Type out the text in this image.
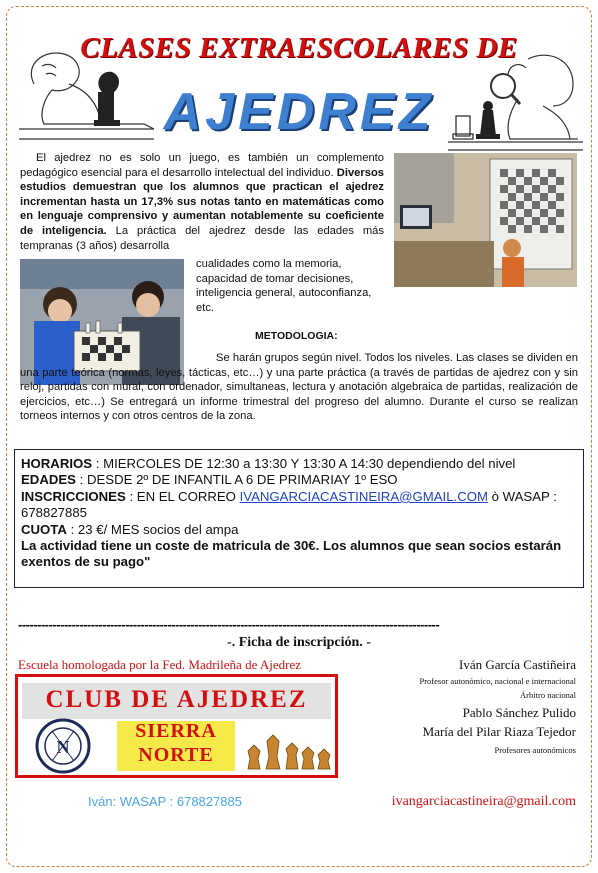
CLASES EXTRAESCOLARES DE
AJEDREZ
El ajedrez no es solo un juego, es también un complemento pedagógico esencial para el desarrollo intelectual del individuo. Diversos estudios demuestran que los alumnos que practican el ajedrez incrementan hasta un 17,3% sus notas tanto en matemáticas como en lenguaje comprensivo y aumentan notablemente su coeficiente de inteligencia. La práctica del ajedrez desde las edades más tempranas (3 años) desarrolla
cualidades como la memoria, capacidad de tomar decisiones, inteligencia general, autoconfianza, etc.
METODOLOGIA:
Se harán grupos según nivel. Todos los niveles. Las clases se dividen en una parte teórica (normas, leyes, tácticas, etc…) y una parte práctica (a través de partidas de ajedrez con y sin reloj, partidas con mural, con ordenador, simultaneas, lectura y anotación algebraica de partidas, realización de ejercicios, etc…) Se entregará un informe trimestral del progreso del alumno. Durante el curso se realizan torneos internos y con otros centros de la zona.
HORARIOS : MIERCOLES DE 12:30 a 13:30 Y 13:30 A 14:30 dependiendo del nivel
EDADES : DESDE 2º DE INFANTIL A 6 DE PRIMARIAY 1º ESO
INSCRICCIONES : EN EL CORREO IVANGARCIACASTINEIRA@GMAIL.COM ò WASAP : 678827885
CUOTA : 23 €/ MES socios del ampa
La actividad tiene un coste de matricula de 30€. Los alumnos que sean socios estarán exentos de su pago"
--------------------------------------------------------------------------------------------------------------
-. Ficha de inscripción. -
Escuela homologada por la Fed. Madrileña de Ajedrez	Iván García Castiñeira
Profesor autonómico, nacional e internacional
Árbitro nacional
Pablo Sánchez Pulido
María del Pilar Riaza Tejedor
Profesores autonómicos
CLUB DE AJEDREZ
N
SIERRA
NORTE
Iván: WASAP : 678827885	ivangarciacastineira@gmail.com
